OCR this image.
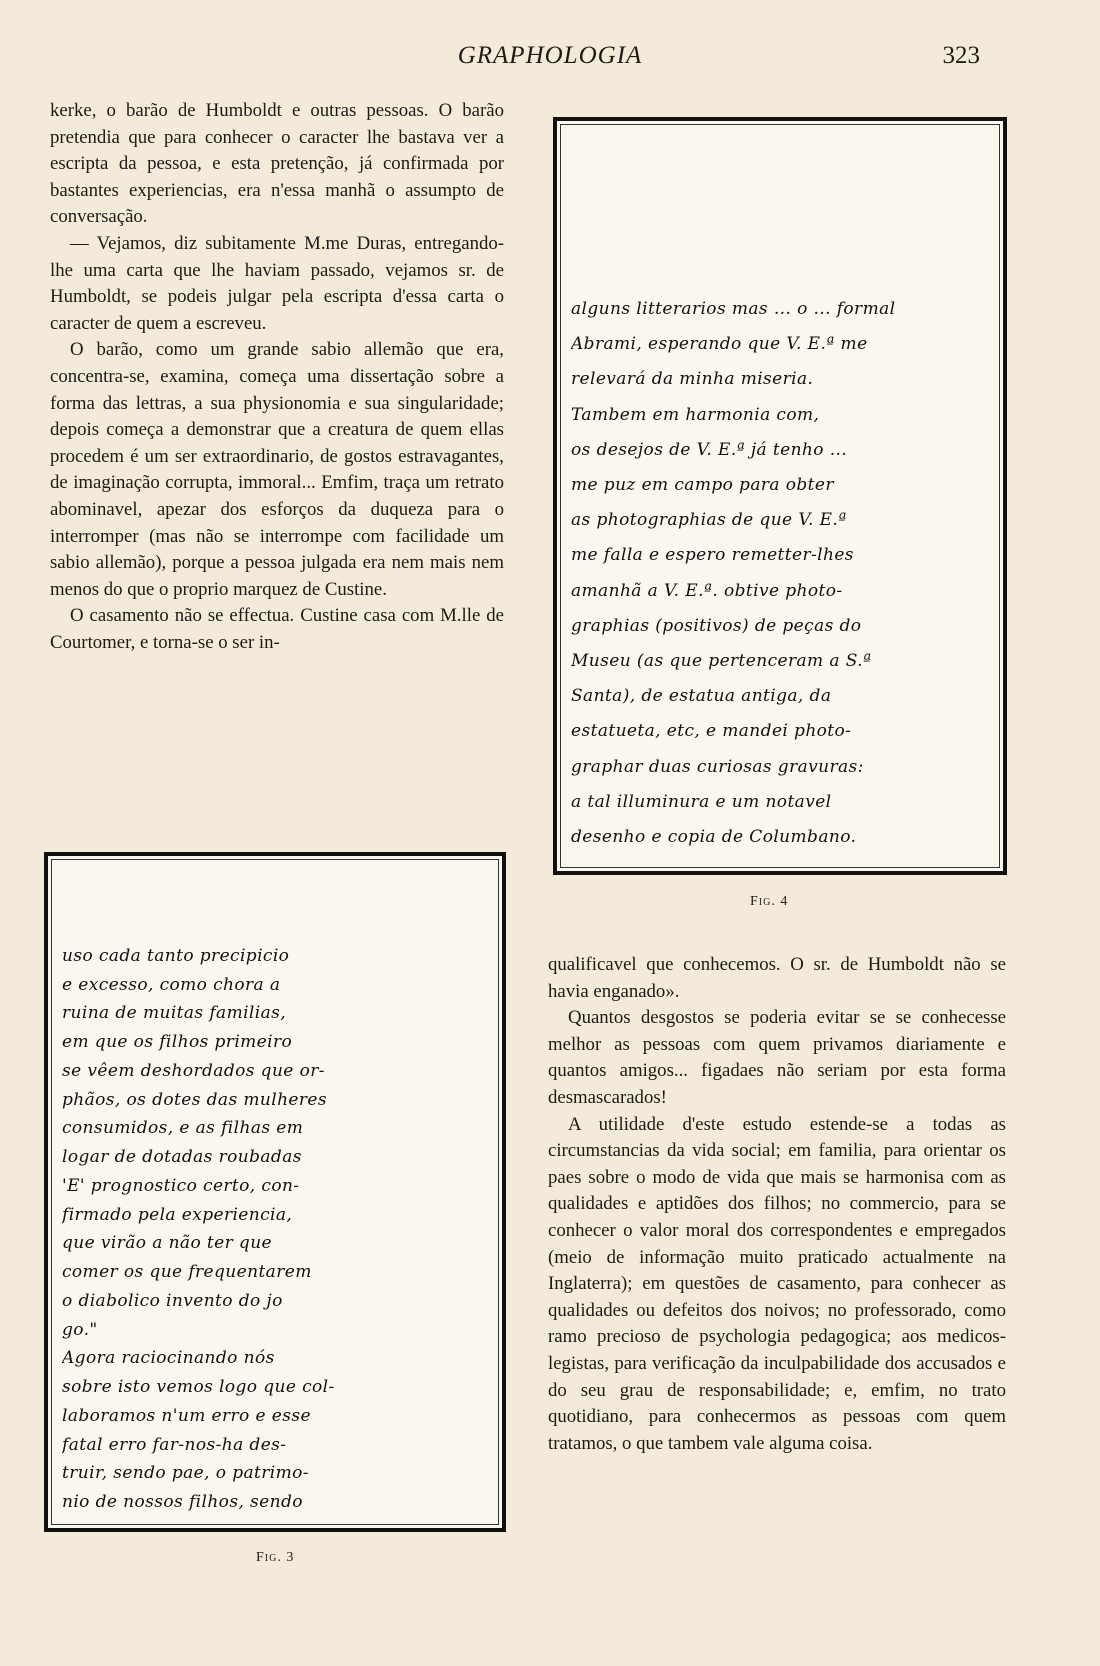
GRAPHOLOGIA	323

kerke, o barão de Humboldt e outras pessoas. O barão pretendia que para conhecer o caracter lhe bastava ver a escripta da pessoa, e esta pretenção, já confirmada por bastantes experiencias, era n'essa manhã o assumpto de conversação.

— Vejamos, diz subitamente M.me Duras, entregando-lhe uma carta que lhe haviam passado, vejamos sr. de Humboldt, se podeis julgar pela escripta d'essa carta o caracter de quem a escreveu.

O barão, como um grande sabio allemão que era, concentra-se, examina, começa uma dissertação sobre a forma das lettras, a sua physionomia e sua singularidade; depois começa a demonstrar que a creatura de quem ellas procedem é um ser extraordinario, de gostos estravagantes, de imaginação corrupta, immoral... Emfim, traça um retrato abominavel, apezar dos esforços da duqueza para o interromper (mas não se interrompe com facilidade um sabio allemão), porque a pessoa julgada era nem mais nem menos do que o proprio marquez de Custine.

O casamento não se effectua. Custine casa com M.lle de Courtomer, e torna-se o ser in-

alguns litterarios mas ... o ... formal
Abrami, esperando que V. E.ª me
relevará da minha miseria.
Tambem em harmonia com,
os desejos de V. E.ª já tenho ...
me puz em campo para obter
as photographias de que V. E.ª
me falla e espero remetter-lhes
amanhã a V. E.ª. obtive photo-
graphias (positivos) de peças do
Museu (as que pertenceram a S.ª
Santa), de estatua antiga, da
estatueta, etc, e mandei photo-
graphar duas curiosas gravuras:
a tal illuminura e um notavel
desenho e copia de Columbano.
Fig. 4
uso cada tanto precipicio
e excesso, como chora a
ruina de muitas familias,
em que os filhos primeiro
se vêem deshordados que or-
phãos, os dotes das mulheres
consumidos, e as filhas em
logar de dotadas roubadas
'E' prognostico certo, con-
firmado pela experiencia,
que virão a não ter que
comer os que frequentarem
o diabolico invento do jo
go."
Agora raciocinando nós
sobre isto vemos logo que col-
laboramos n'um erro e esse
fatal erro far-nos-ha des-
truir, sendo pae, o patrimo-
nio de nossos filhos, sendo
Fig. 3

qualificavel que conhecemos. O sr. de Humboldt não se havia enganado».

Quantos desgostos se poderia evitar se se conhecesse melhor as pessoas com quem privamos diariamente e quantos amigos... figadaes não seriam por esta forma desmascarados!

A utilidade d'este estudo estende-se a todas as circumstancias da vida social; em familia, para orientar os paes sobre o modo de vida que mais se harmonisa com as qualidades e aptidões dos filhos; no commercio, para se conhecer o valor moral dos correspondentes e empregados (meio de informação muito praticado actualmente na Inglaterra); em questões de casamento, para conhecer as qualidades ou defeitos dos noivos; no professorado, como ramo precioso de psychologia pedagogica; aos medicos-legistas, para verificação da inculpabilidade dos accusados e do seu grau de responsabilidade; e, emfim, no trato quotidiano, para conhecermos as pessoas com quem tratamos, o que tambem vale alguma coisa.
